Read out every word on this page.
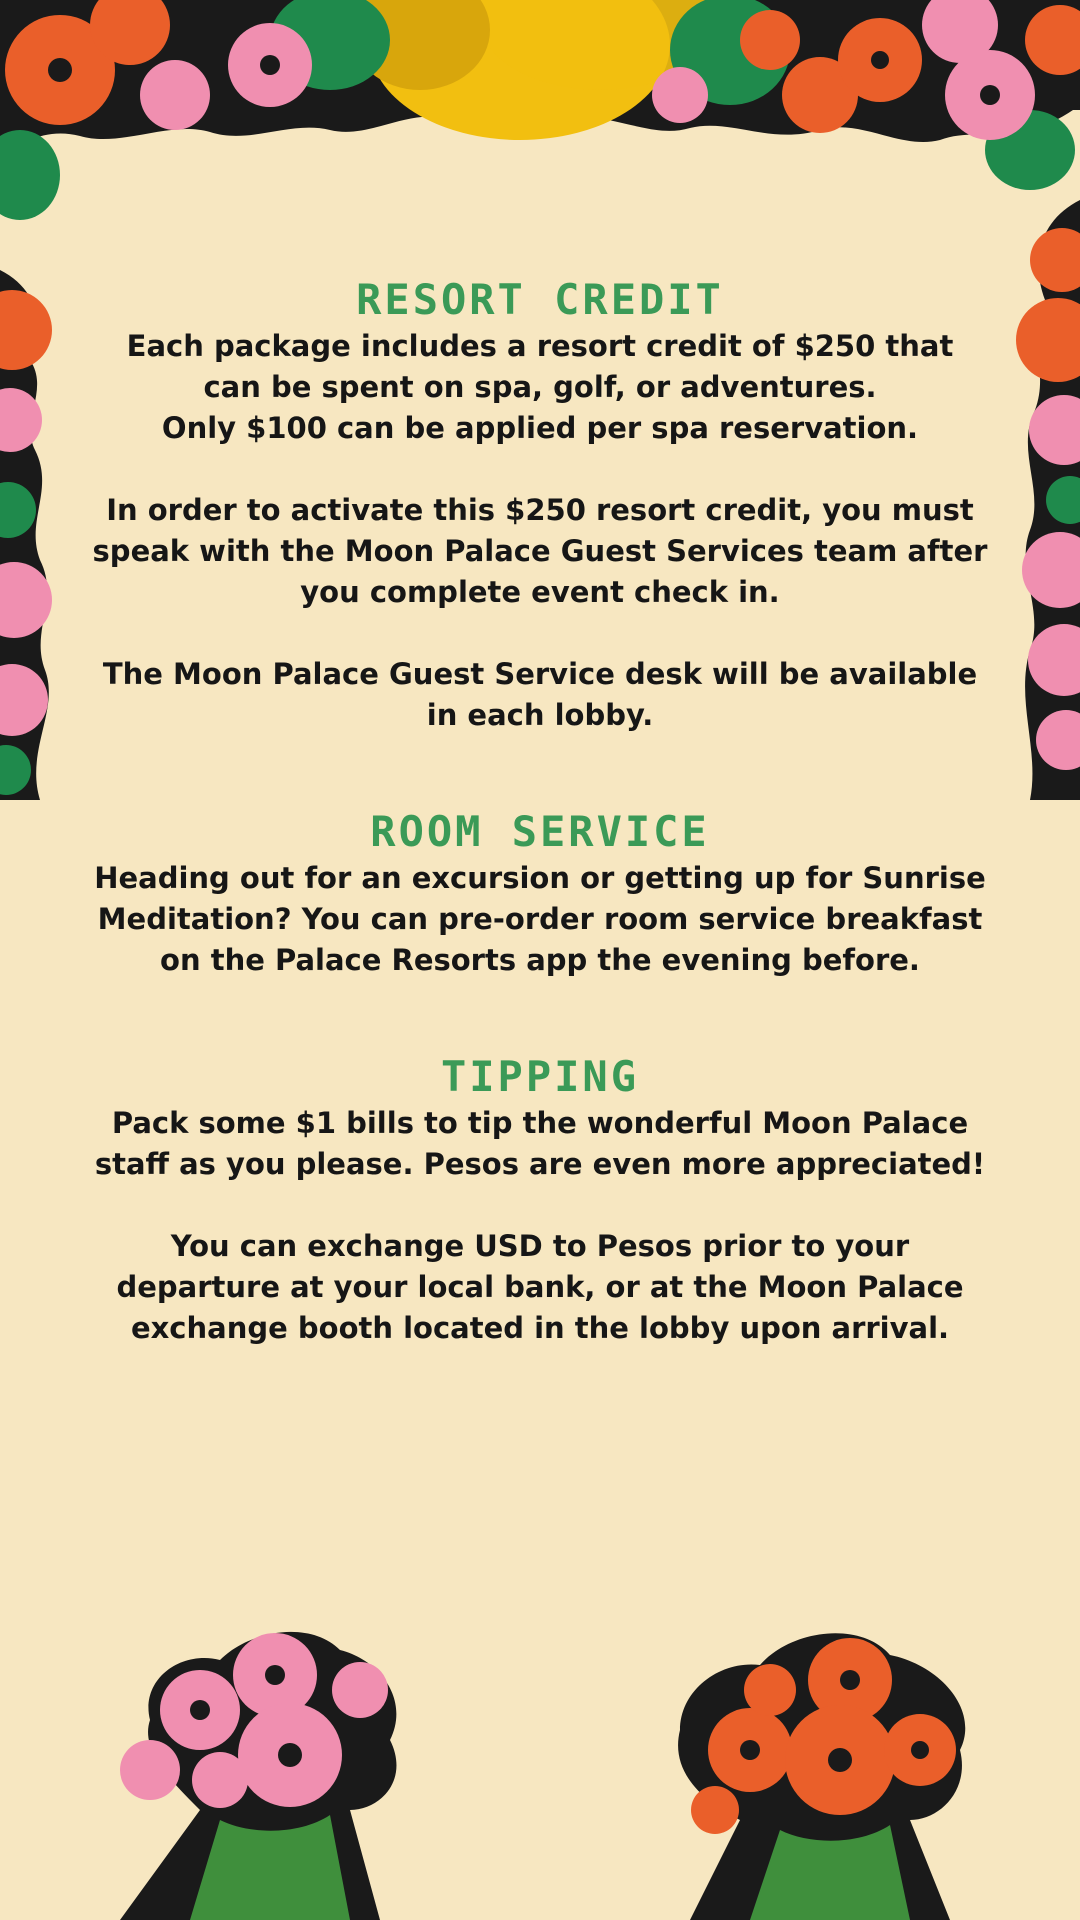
RESORT CREDIT

Each package includes a resort credit of $250 that
can be spent on spa, golf, or adventures.
Only $100 can be applied per spa reservation.

In order to activate this $250 resort credit, you must
speak with the Moon Palace Guest Services team after
you complete event check in.

The Moon Palace Guest Service desk will be available
in each lobby.

ROOM SERVICE

Heading out for an excursion or getting up for Sunrise
Meditation? You can pre-order room service breakfast
on the Palace Resorts app the evening before.

TIPPING

Pack some $1 bills to tip the wonderful Moon Palace
staff as you please. Pesos are even more appreciated!

You can exchange USD to Pesos prior to your
departure at your local bank, or at the Moon Palace
exchange booth located in the lobby upon arrival.
